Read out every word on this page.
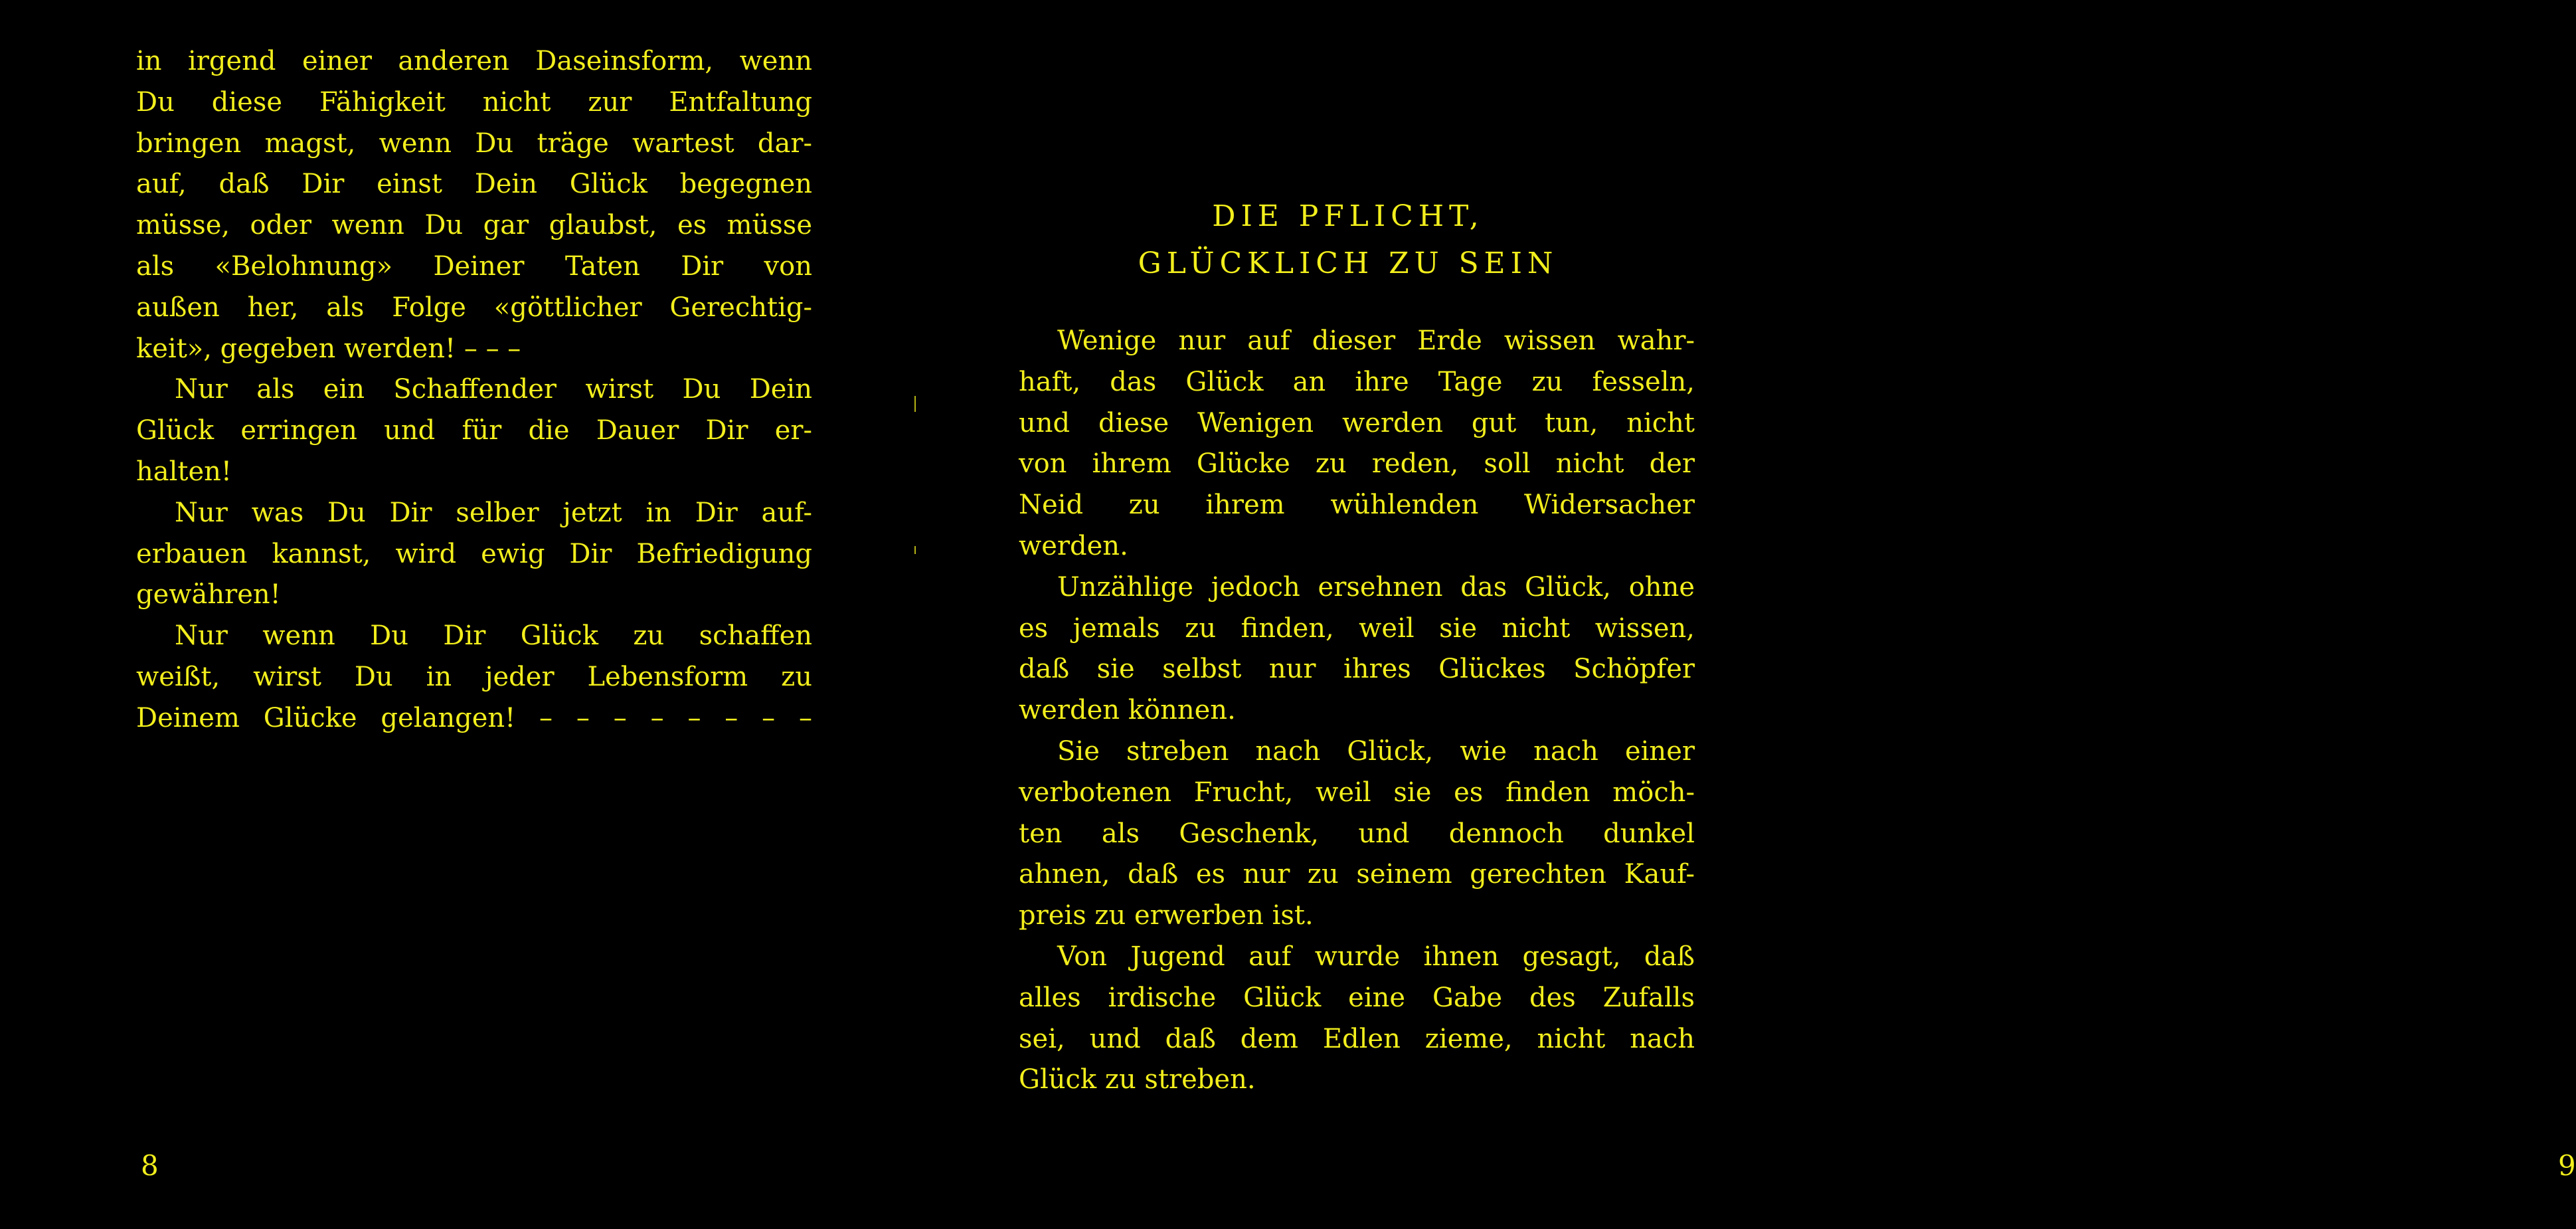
in irgend einer anderen Daseinsform, wenn
Du diese Fähigkeit nicht zur Entfaltung
bringen magst, wenn Du träge wartest dar-
auf, daß Dir einst Dein Glück begegnen
müsse, oder wenn Du gar glaubst, es müsse
als «Belohnung» Deiner Taten Dir von
außen her, als Folge «göttlicher Gerechtig-
keit», gegeben werden! – – –
Nur als ein Schaffender wirst Du Dein
Glück erringen und für die Dauer Dir er-
halten!
Nur was Du Dir selber jetzt in Dir auf-
erbauen kannst, wird ewig Dir Befriedigung
gewähren!
Nur wenn Du Dir Glück zu schaffen
weißt, wirst Du in jeder Lebensform zu
Deinem Glücke gelangen! – – – – – – – –
8
DIE PFLICHT,
GLÜCKLICH ZU SEIN
Wenige nur auf dieser Erde wissen wahr-
haft, das Glück an ihre Tage zu fesseln,
und diese Wenigen werden gut tun, nicht
von ihrem Glücke zu reden, soll nicht der
Neid zu ihrem wühlenden Widersacher
werden.
Unzählige jedoch ersehnen das Glück, ohne
es jemals zu finden, weil sie nicht wissen,
daß sie selbst nur ihres Glückes Schöpfer
werden können.
Sie streben nach Glück, wie nach einer
verbotenen Frucht, weil sie es finden möch-
ten als Geschenk, und dennoch dunkel
ahnen, daß es nur zu seinem gerechten Kauf-
preis zu erwerben ist.
Von Jugend auf wurde ihnen gesagt, daß
alles irdische Glück eine Gabe des Zufalls
sei, und daß dem Edlen zieme, nicht nach
Glück zu streben.
9
